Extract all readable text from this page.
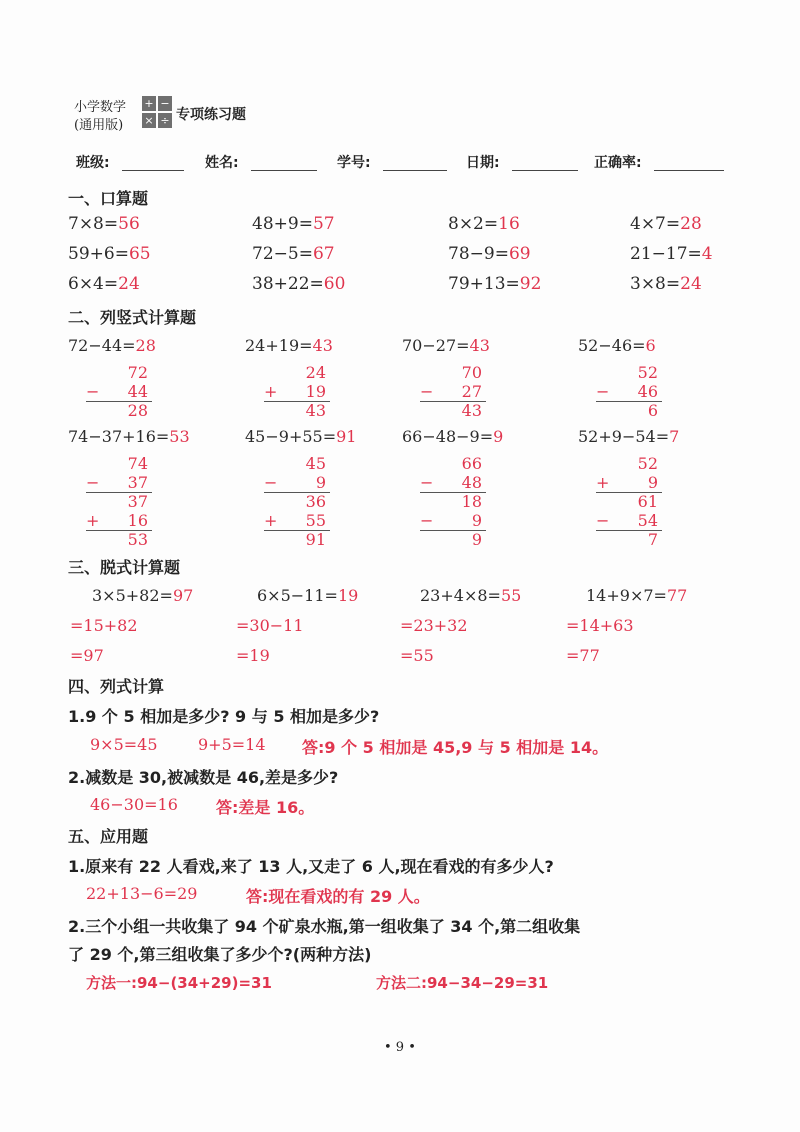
小学数学
(通用版)
+ −
× ÷ 专项练习题
班级:	姓名:	学号:	日期:	正确率:
一、口算题
7×8=56	48+9=57	8×2=16	4×7=28
59+6=65	72−5=67	78−9=69	21−17=4
6×4=24	38+22=60	79+13=92	3×8=24
二、列竖式计算题
72−44=28	24+19=43	70−27=43	52−46=6
72
− 44
28
24
+ 19
43
70
− 27
43
52
− 46
6
74−37+16=53	45−9+55=91	66−48−9=9	52+9−54=7
74
− 37
37
+ 16
53
45
− 9
36
+ 55
91
66
− 48
18
− 9
9
52
+ 9
61
− 54
7
三、脱式计算题
3×5+82=97
=15+82
=97
6×5−11=19
=30−11
=19
23+4×8=55
=23+32
=55
14+9×7=77
=14+63
=77
四、列式计算
1.9 个 5 相加是多少? 9 与 5 相加是多少?
9×5=45	9+5=14 答:9 个 5 相加是 45,9 与 5 相加是 14。
2.减数是 30,被减数是 46,差是多少?
46−30=16 答:差是 16。
五、应用题
1.原来有 22 人看戏,来了 13 人,又走了 6 人,现在看戏的有多少人?
22+13−6=29	答:现在看戏的有 29 人。
2.三个小组一共收集了 94 个矿泉水瓶,第一组收集了 34 个,第二组收集
了 29 个,第三组收集了多少个?(两种方法)
方法一:94−(34+29)=31	方法二:94−34−29=31
• 9 •
